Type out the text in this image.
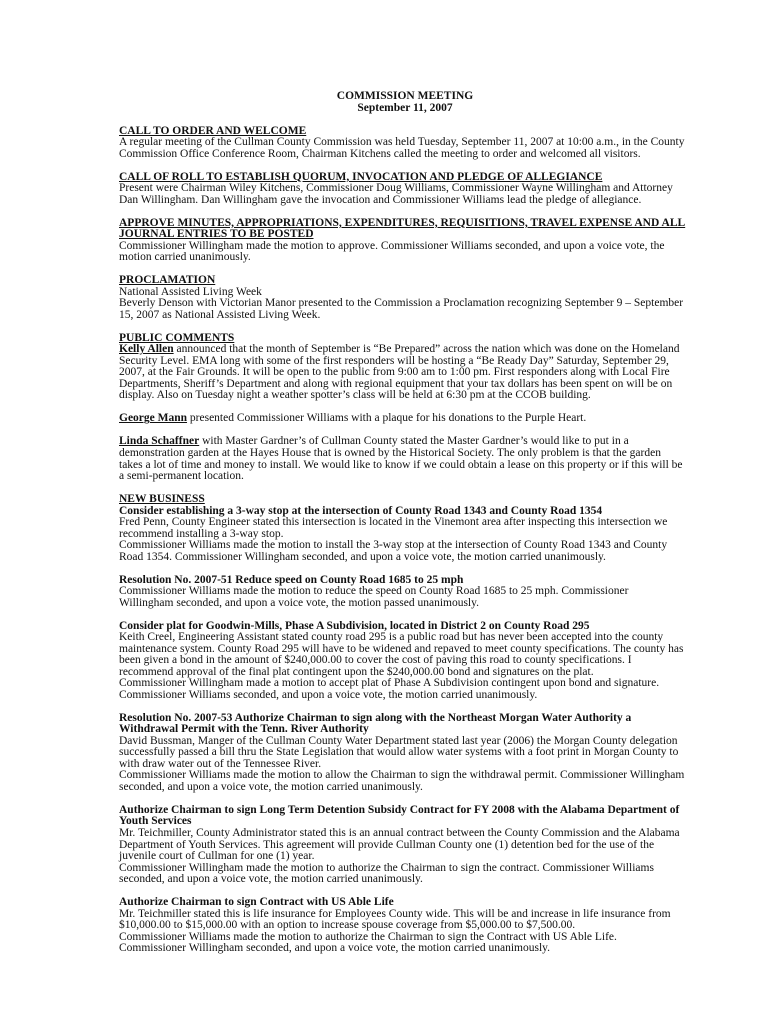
COMMISSION MEETING
September 11, 2007
CALL TO ORDER AND WELCOME
A regular meeting of the Cullman County Commission was held Tuesday, September 11, 2007 at 10:00 a.m., in the County
Commission Office Conference Room, Chairman Kitchens called the meeting to order and welcomed all visitors.
CALL OF ROLL TO ESTABLISH QUORUM, INVOCATION AND PLEDGE OF ALLEGIANCE
Present were Chairman Wiley Kitchens, Commissioner Doug Williams, Commissioner Wayne Willingham and Attorney
Dan Willingham. Dan Willingham gave the invocation and Commissioner Williams lead the pledge of allegiance.
APPROVE MINUTES, APPROPRIATIONS, EXPENDITURES, REQUISITIONS, TRAVEL EXPENSE AND ALL
JOURNAL ENTRIES TO BE POSTED
Commissioner Willingham made the motion to approve. Commissioner Williams seconded, and upon a voice vote, the
motion carried unanimously.
PROCLAMATION
National Assisted Living Week
Beverly Denson with Victorian Manor presented to the Commission a Proclamation recognizing September 9 – September
15, 2007 as National Assisted Living Week.
PUBLIC COMMENTS
Kelly Allen announced that the month of September is “Be Prepared” across the nation which was done on the Homeland
Security Level. EMA long with some of the first responders will be hosting a “Be Ready Day” Saturday, September 29,
2007, at the Fair Grounds. It will be open to the public from 9:00 am to 1:00 pm. First responders along with Local Fire
Departments, Sheriff’s Department and along with regional equipment that your tax dollars has been spent on will be on
display. Also on Tuesday night a weather spotter’s class will be held at 6:30 pm at the CCOB building.
George Mann presented Commissioner Williams with a plaque for his donations to the Purple Heart.
Linda Schaffner with Master Gardner’s of Cullman County stated the Master Gardner’s would like to put in a
demonstration garden at the Hayes House that is owned by the Historical Society. The only problem is that the garden
takes a lot of time and money to install. We would like to know if we could obtain a lease on this property or if this will be
a semi-permanent location.
NEW BUSINESS
Consider establishing a 3-way stop at the intersection of County Road 1343 and County Road 1354
Fred Penn, County Engineer stated this intersection is located in the Vinemont area after inspecting this intersection we
recommend installing a 3-way stop.
Commissioner Williams made the motion to install the 3-way stop at the intersection of County Road 1343 and County
Road 1354. Commissioner Willingham seconded, and upon a voice vote, the motion carried unanimously.
Resolution No. 2007-51 Reduce speed on County Road 1685 to 25 mph
Commissioner Williams made the motion to reduce the speed on County Road 1685 to 25 mph. Commissioner
Willingham seconded, and upon a voice vote, the motion passed unanimously.
Consider plat for Goodwin-Mills, Phase A Subdivision, located in District 2 on County Road 295
Keith Creel, Engineering Assistant stated county road 295 is a public road but has never been accepted into the county
maintenance system. County Road 295 will have to be widened and repaved to meet county specifications. The county has
been given a bond in the amount of $240,000.00 to cover the cost of paving this road to county specifications. I
recommend approval of the final plat contingent upon the $240,000.00 bond and signatures on the plat.
Commissioner Willingham made a motion to accept plat of Phase A Subdivision contingent upon bond and signature.
Commissioner Williams seconded, and upon a voice vote, the motion carried unanimously.
Resolution No. 2007-53 Authorize Chairman to sign along with the Northeast Morgan Water Authority a
Withdrawal Permit with the Tenn. River Authority
David Bussman, Manger of the Cullman County Water Department stated last year (2006) the Morgan County delegation
successfully passed a bill thru the State Legislation that would allow water systems with a foot print in Morgan County to
with draw water out of the Tennessee River.
Commissioner Williams made the motion to allow the Chairman to sign the withdrawal permit. Commissioner Willingham
seconded, and upon a voice vote, the motion carried unanimously.
Authorize Chairman to sign Long Term Detention Subsidy Contract for FY 2008 with the Alabama Department of
Youth Services
Mr. Teichmiller, County Administrator stated this is an annual contract between the County Commission and the Alabama
Department of Youth Services. This agreement will provide Cullman County one (1) detention bed for the use of the
juvenile court of Cullman for one (1) year.
Commissioner Willingham made the motion to authorize the Chairman to sign the contract. Commissioner Williams
seconded, and upon a voice vote, the motion carried unanimously.
Authorize Chairman to sign Contract with US Able Life
Mr. Teichmiller stated this is life insurance for Employees County wide. This will be and increase in life insurance from
$10,000.00 to $15,000.00 with an option to increase spouse coverage from $5,000.00 to $7,500.00.
Commissioner Williams made the motion to authorize the Chairman to sign the Contract with US Able Life.
Commissioner Willingham seconded, and upon a voice vote, the motion carried unanimously.
